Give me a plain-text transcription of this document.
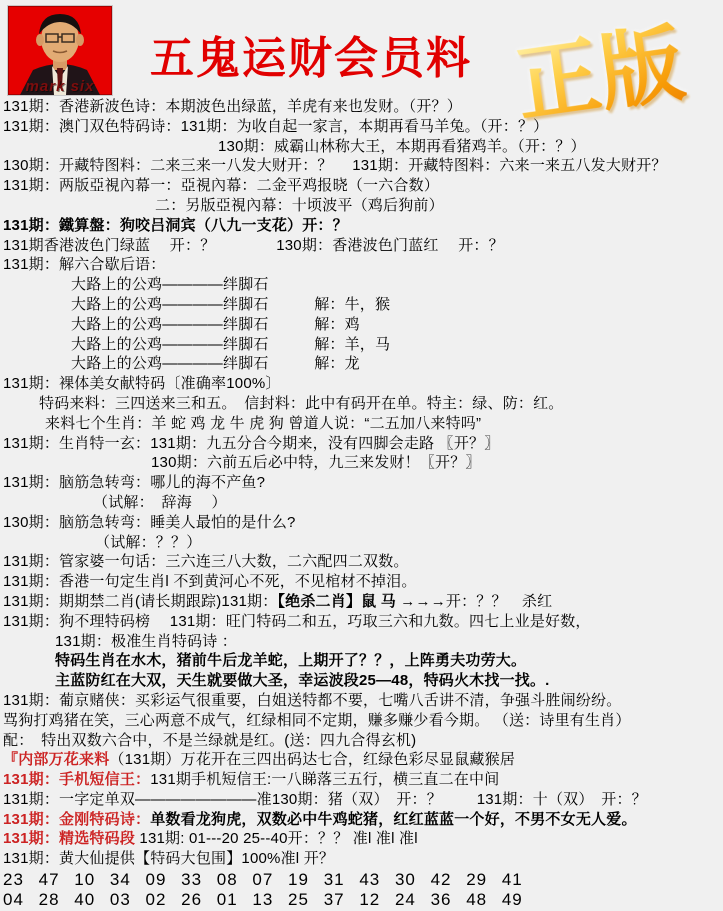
mark six
五鬼运财会员料 正版
131期：香港新波色诗：本期波色出绿蓝，羊虎有来也发财。（开？）
131期：澳门双色特码诗：131期：为收自起一家言，本期再看马羊兔。（开：？）
130期：威霸山林称大王，本期再看猪鸡羊。（开：？）
130期：开藏特图料：二来三来一八发大财开：？　 131期：开藏特图料：六来一来五八发大财开？
131期：两版亞視內幕一：亞視內幕：二金平鸡报晓（一六合数）
二：另版亞視內幕：十顷波平（鸡后狗前）
131期：鐵算盤：狗咬吕洞宾（八九一支花）开：？
131期香港波色门绿蓝　 开：？　　　　130期：香港波色门蓝红　 开：？
131期：解六合歇后语：
大路上的公鸡————绊脚石
大路上的公鸡————绊脚石　　　解：牛，猴
大路上的公鸡————绊脚石　　　解：鸡
大路上的公鸡————绊脚石　　　解：羊，马
大路上的公鸡————绊脚石　　　解：龙
131期：裸体美女献特码〔准确率100%〕
特码来料：三四送来三和五。　信封料：此中有码开在单。特主：绿、防：红。
来料七个生肖：羊 蛇 鸡 龙 牛 虎 狗 曾道人说：“二五加八来特吗”
131期：生肖特一玄：131期：九五分合今期来，没有四脚会走路 〖开？〗
130期：六前五后必中特，九三来发财！〖开？〗
131期：脑筋急转弯：哪儿的海不产鱼?
（试解：　辞海　 ）
130期：脑筋急转弯：睡美人最怕的是什么?
（试解：？？）
131期：管家婆一句话：三六连三八大数，二六配四二双数。
131期：香港一句定生肖l 不到黄河心不死，不见棺材不掉泪。
131期：期期禁二肖(请长期跟踪)131期：【绝杀二肖】鼠 马 →→→开：？？　杀红
131期：狗不理特码榜　 131期：旺门特码二和五，巧取三六和九数。四七上业是好数，
131期：极准生肖特码诗 ：
特码生肖在水木，猪前牛后龙羊蛇，上期开了？？，上阵勇夫功劳大。
主蓝防红在大双，天生就要做大圣，幸运波段25—48，特码火木找一找。.
131期：葡京赌侠：买彩运气很重要，白姐送特都不要，七嘴八舌讲不清，争强斗胜闹纷纷。
骂狗打鸡猪在笑，三心两意不成气，红绿相同不定期，赚多赚少看今期。 （送：诗里有生肖）
配：　特出双数六合中，不是兰绿就是红。(送：四九合得玄机)
『内部万花来料（131期）万花开在三四出码达七合，红绿色彩尽显鼠藏猴居
131期：手机短信王：131期手机短信王:一八睇落三五行，横三直二在中间
131期：一字定单双————————准130期：猪（双）　开：？　　 131期：十（双）　开：？
131期：金刚特码诗：单数看龙狗虎，双数必中牛鸡蛇猪，红红蓝蓝一个好，不男不女无人爱。
131期：精选特码段 131期: 01---20 25--40开：？？ 准l 准l 准l
131期：黄大仙提供【特码大包围】100%准l 开？
23 47 10 34 09 33 08 07 19 31 43 30 42 29 41
04 28 40 03 02 26 01 13 25 37 12 24 36 48 49
